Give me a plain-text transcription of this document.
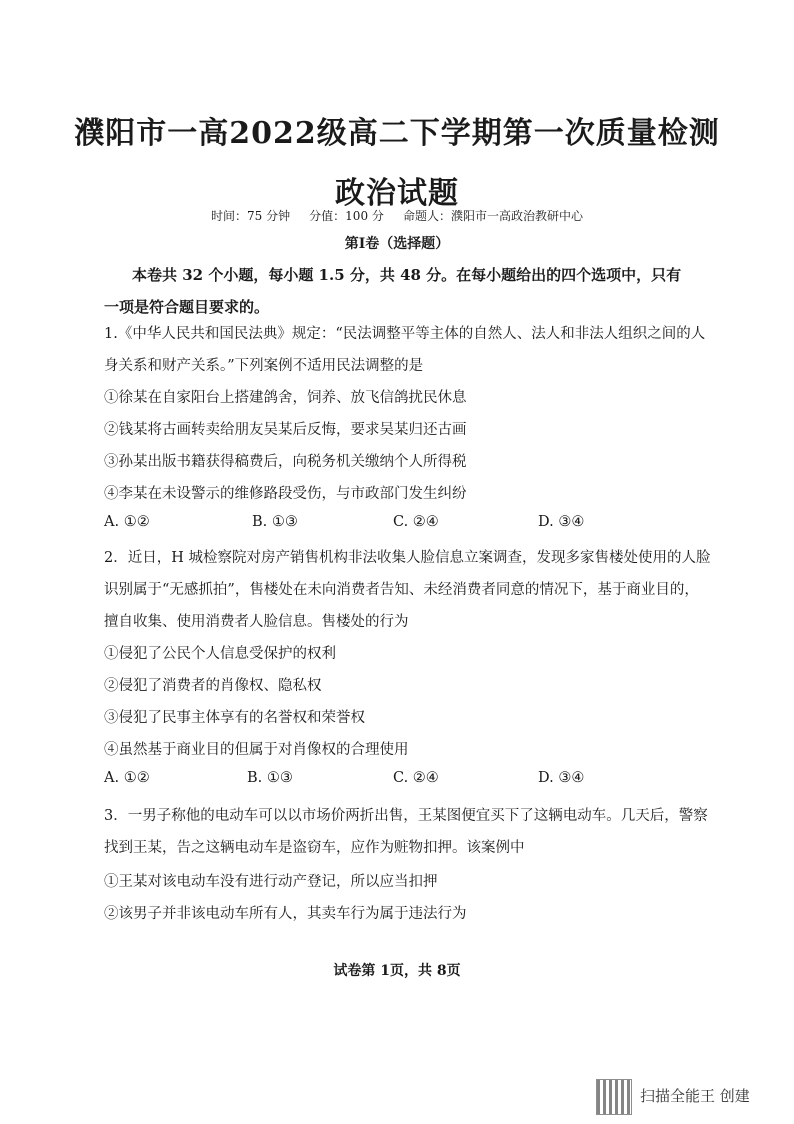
濮阳市一高2022级高二下学期第一次质量检测
政治试题
时间：75 分钟     分值：100 分     命题人：濮阳市一高政治教研中心
第Ⅰ卷（选择题）
本卷共 32 个小题，每小题 1.5 分，共 48 分。在每小题给出的四个选项中，只有
一项是符合题目要求的。
1.《中华人民共和国民法典》规定：“民法调整平等主体的自然人、法人和非法人组织之间的人
身关系和财产关系。”下列案例不适用民法调整的是
①徐某在自家阳台上搭建鸽舍，饲养、放飞信鸽扰民休息
②钱某将古画转卖给朋友吴某后反悔，要求吴某归还古画
③孙某出版书籍获得稿费后，向税务机关缴纳个人所得税
④李某在未设警示的维修路段受伤，与市政部门发生纠纷
A. ①②	B. ①③	C. ②④	D. ③④
2．近日，H 城检察院对房产销售机构非法收集人脸信息立案调查，发现多家售楼处使用的人脸
识别属于“无感抓拍”，售楼处在未向消费者告知、未经消费者同意的情况下，基于商业目的，
擅自收集、使用消费者人脸信息。售楼处的行为
①侵犯了公民个人信息受保护的权利
②侵犯了消费者的肖像权、隐私权
③侵犯了民事主体享有的名誉权和荣誉权
④虽然基于商业目的但属于对肖像权的合理使用
A. ①②	B. ①③	C. ②④	D. ③④
3．一男子称他的电动车可以以市场价两折出售，王某图便宜买下了这辆电动车。几天后，警察
找到王某，告之这辆电动车是盗窃车，应作为赃物扣押。该案例中
①王某对该电动车没有进行动产登记，所以应当扣押
②该男子并非该电动车所有人，其卖车行为属于违法行为
试卷第 1页，共 8页
扫描全能王 创建
